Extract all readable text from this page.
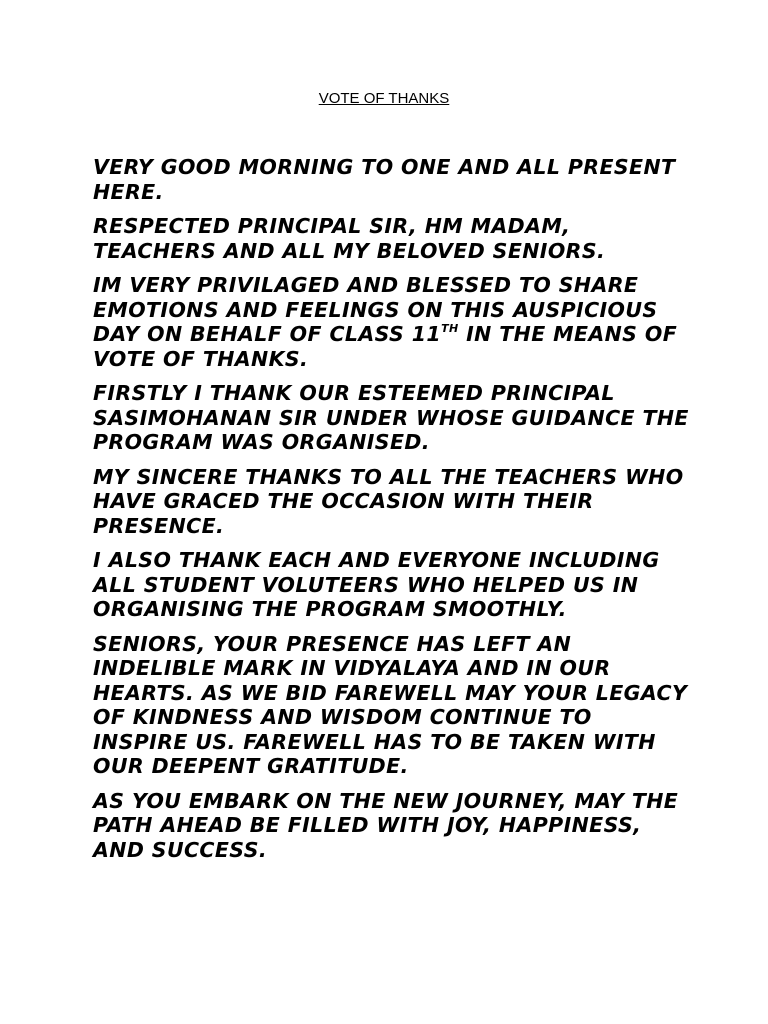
VOTE OF THANKS

VERY GOOD MORNING TO ONE AND ALL PRESENT HERE.

RESPECTED PRINCIPAL SIR, HM MADAM, TEACHERS AND ALL MY BELOVED SENIORS.

IM VERY PRIVILAGED AND BLESSED TO SHARE EMOTIONS AND FEELINGS ON THIS AUSPICIOUS DAY ON BEHALF OF CLASS 11TH IN THE MEANS OF VOTE OF THANKS.

FIRSTLY I THANK OUR ESTEEMED PRINCIPAL SASIMOHANAN SIR UNDER WHOSE GUIDANCE THE PROGRAM WAS ORGANISED.

MY SINCERE THANKS TO ALL THE TEACHERS WHO HAVE GRACED THE OCCASION WITH THEIR PRESENCE.

I ALSO THANK EACH AND EVERYONE INCLUDING ALL STUDENT VOLUTEERS WHO HELPED US IN ORGANISING THE PROGRAM SMOOTHLY.

SENIORS, YOUR PRESENCE HAS LEFT AN INDELIBLE MARK IN VIDYALAYA AND IN OUR HEARTS. AS WE BID FAREWELL MAY YOUR LEGACY OF KINDNESS AND WISDOM CONTINUE TO INSPIRE US. FAREWELL HAS TO BE TAKEN WITH OUR DEEPENT GRATITUDE.

AS YOU EMBARK ON THE NEW JOURNEY, MAY THE PATH AHEAD BE FILLED WITH JOY, HAPPINESS, AND SUCCESS.
